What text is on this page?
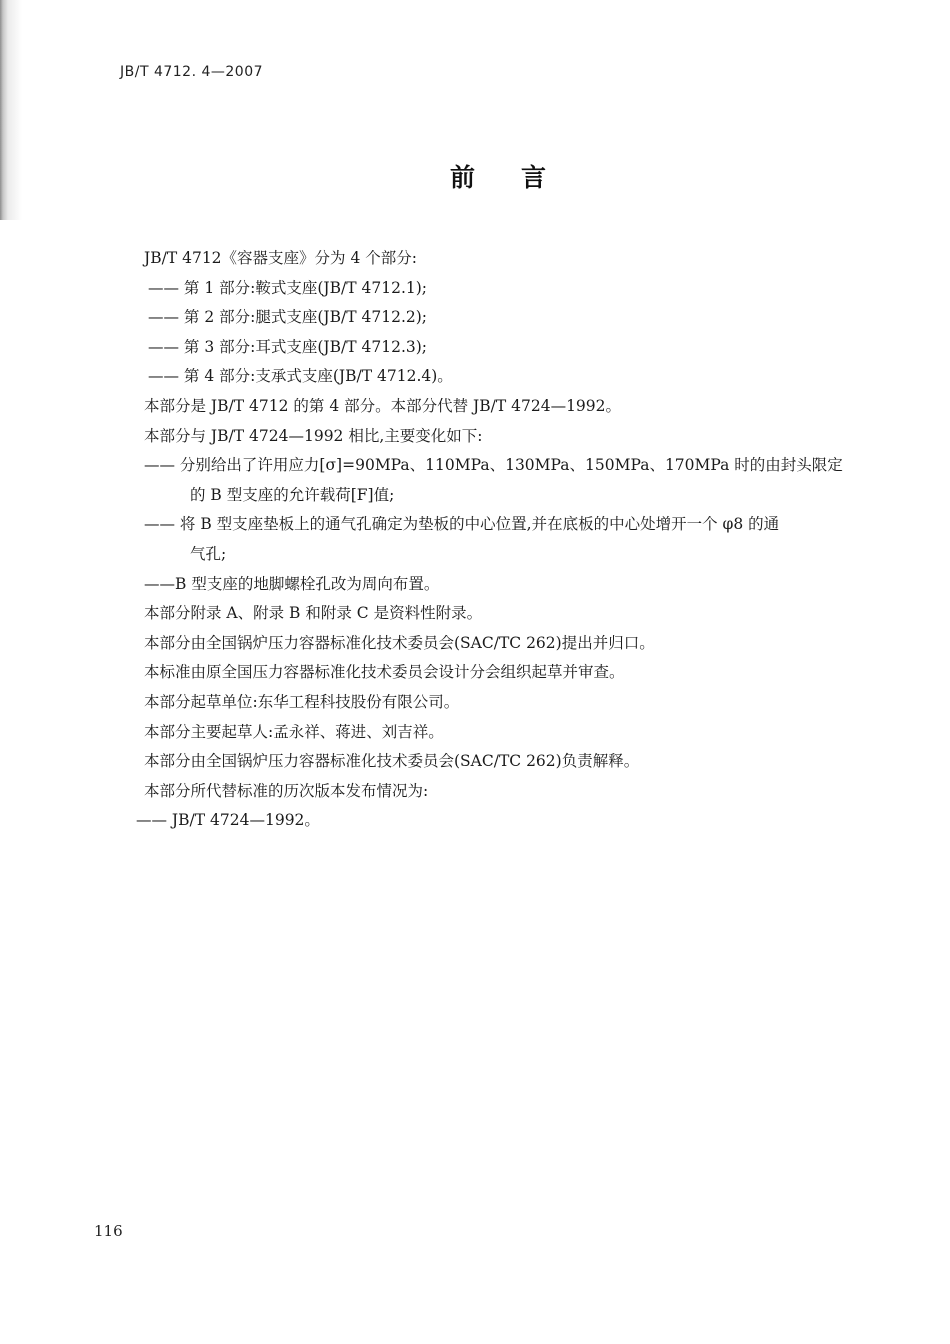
JB/T 4712. 4—2007
前言
JB/T 4712《容器支座》分为 4 个部分:
—— 第 1 部分:鞍式支座(JB/T 4712.1);
—— 第 2 部分:腿式支座(JB/T 4712.2);
—— 第 3 部分:耳式支座(JB/T 4712.3);
—— 第 4 部分:支承式支座(JB/T 4712.4)。
本部分是 JB/T 4712 的第 4 部分。本部分代替 JB/T 4724—1992。
本部分与 JB/T 4724—1992 相比,主要变化如下:
—— 分别给出了许用应力[σ]=90MPa、110MPa、130MPa、150MPa、170MPa 时的由封头限定
的 B 型支座的允许载荷[F]值;
—— 将 B 型支座垫板上的通气孔确定为垫板的中心位置,并在底板的中心处增开一个 φ8 的通
气孔;
——B 型支座的地脚螺栓孔改为周向布置。
本部分附录 A、附录 B 和附录 C 是资料性附录。
本部分由全国锅炉压力容器标准化技术委员会(SAC/TC 262)提出并归口。
本标准由原全国压力容器标准化技术委员会设计分会组织起草并审查。
本部分起草单位:东华工程科技股份有限公司。
本部分主要起草人:孟永祥、蒋进、刘吉祥。
本部分由全国锅炉压力容器标准化技术委员会(SAC/TC 262)负责解释。
本部分所代替标准的历次版本发布情况为:
—— JB/T 4724—1992。
116
